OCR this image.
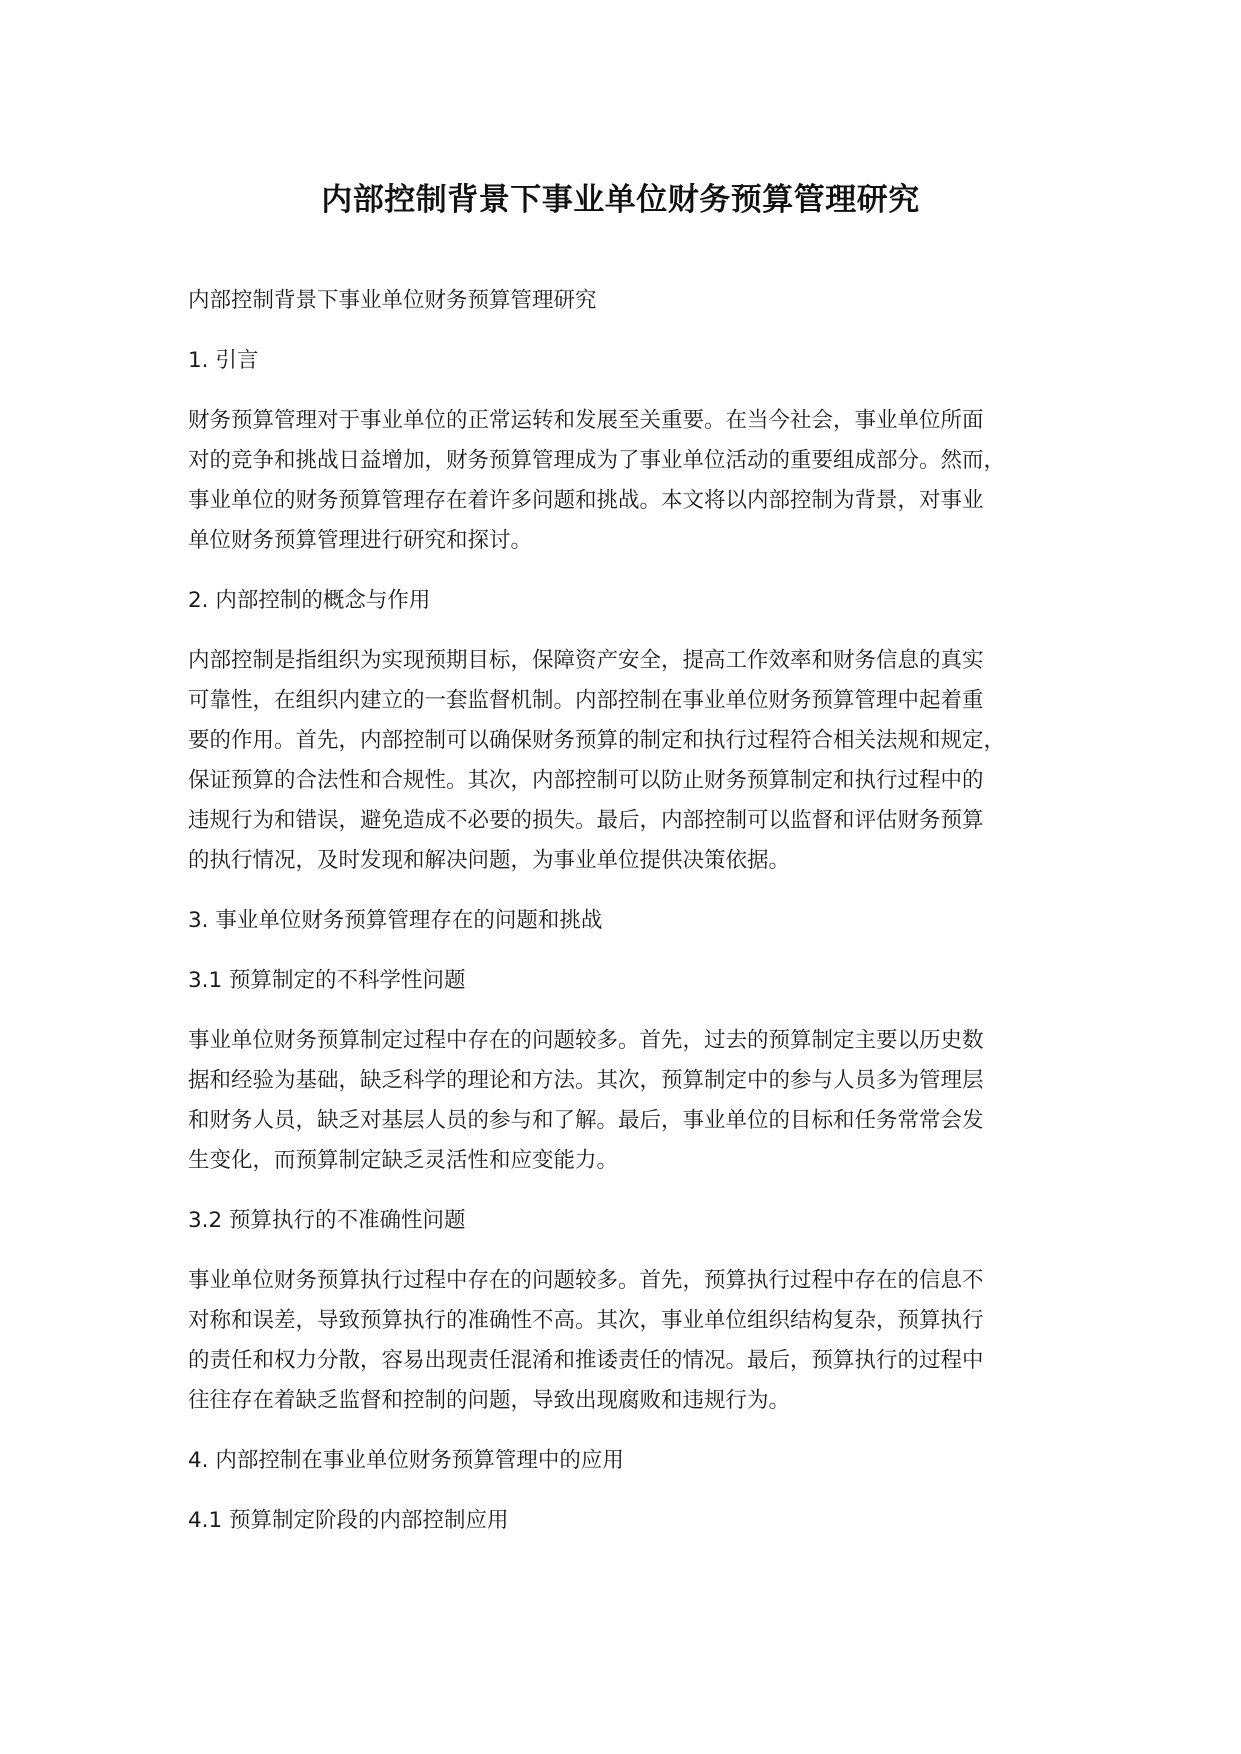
内部控制背景下事业单位财务预算管理研究

内部控制背景下事业单位财务预算管理研究

1. 引言

财务预算管理对于事业单位的正常运转和发展至关重要。在当今社会，事业单位所面

对的竞争和挑战日益增加，财务预算管理成为了事业单位活动的重要组成部分。然而，

事业单位的财务预算管理存在着许多问题和挑战。本文将以内部控制为背景，对事业

单位财务预算管理进行研究和探讨。

2. 内部控制的概念与作用

内部控制是指组织为实现预期目标，保障资产安全，提高工作效率和财务信息的真实

可靠性，在组织内建立的一套监督机制。内部控制在事业单位财务预算管理中起着重

要的作用。首先，内部控制可以确保财务预算的制定和执行过程符合相关法规和规定，

保证预算的合法性和合规性。其次，内部控制可以防止财务预算制定和执行过程中的

违规行为和错误，避免造成不必要的损失。最后，内部控制可以监督和评估财务预算

的执行情况，及时发现和解决问题，为事业单位提供决策依据。

3. 事业单位财务预算管理存在的问题和挑战
3.1 预算制定的不科学性问题

事业单位财务预算制定过程中存在的问题较多。首先，过去的预算制定主要以历史数

据和经验为基础，缺乏科学的理论和方法。其次，预算制定中的参与人员多为管理层

和财务人员，缺乏对基层人员的参与和了解。最后，事业单位的目标和任务常常会发

生变化，而预算制定缺乏灵活性和应变能力。

3.2 预算执行的不准确性问题

事业单位财务预算执行过程中存在的问题较多。首先，预算执行过程中存在的信息不

对称和误差，导致预算执行的准确性不高。其次，事业单位组织结构复杂，预算执行

的责任和权力分散，容易出现责任混淆和推诿责任的情况。最后，预算执行的过程中

往往存在着缺乏监督和控制的问题，导致出现腐败和违规行为。

4. 内部控制在事业单位财务预算管理中的应用
4.1 预算制定阶段的内部控制应用
